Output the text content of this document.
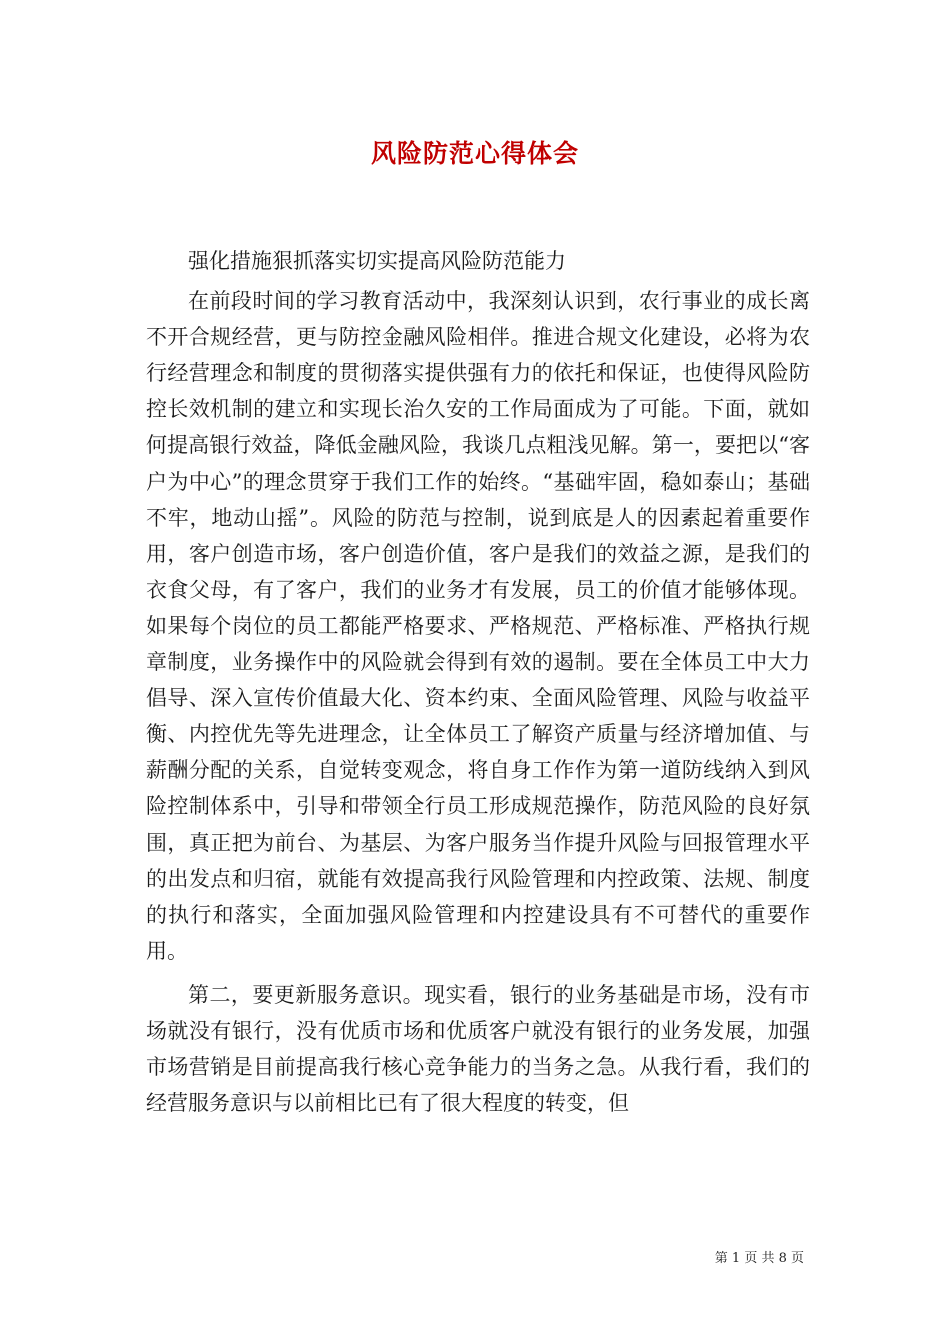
风险防范心得体会

强化措施狠抓落实切实提高风险防范能力

在前段时间的学习教育活动中，我深刻认识到，农行事业的成长离不开合规经营，更与防控金融风险相伴。推进合规文化建设，必将为农行经营理念和制度的贯彻落实提供强有力的依托和保证，也使得风险防控长效机制的建立和实现长治久安的工作局面成为了可能。下面，就如何提高银行效益，降低金融风险，我谈几点粗浅见解。第一，要把以“客户为中心”的理念贯穿于我们工作的始终。“基础牢固，稳如泰山；基础不牢，地动山摇”。风险的防范与控制，说到底是人的因素起着重要作用，客户创造市场，客户创造价值，客户是我们的效益之源，是我们的衣食父母，有了客户，我们的业务才有发展，员工的价值才能够体现。如果每个岗位的员工都能严格要求、严格规范、严格标准、严格执行规章制度，业务操作中的风险就会得到有效的遏制。要在全体员工中大力倡导、深入宣传价值最大化、资本约束、全面风险管理、风险与收益平衡、内控优先等先进理念，让全体员工了解资产质量与经济增加值、与薪酬分配的关系，自觉转变观念，将自身工作作为第一道防线纳入到风险控制体系中，引导和带领全行员工形成规范操作，防范风险的良好氛围，真正把为前台、为基层、为客户服务当作提升风险与回报管理水平的出发点和归宿，就能有效提高我行风险管理和内控政策、法规、制度的执行和落实，全面加强风险管理和内控建设具有不可替代的重要作用。

第二，要更新服务意识。现实看，银行的业务基础是市场，没有市场就没有银行，没有优质市场和优质客户就没有银行的业务发展，加强市场营销是目前提高我行核心竞争能力的当务之急。从我行看，我们的经营服务意识与以前相比已有了很大程度的转变，但

第 1 页 共 8 页
